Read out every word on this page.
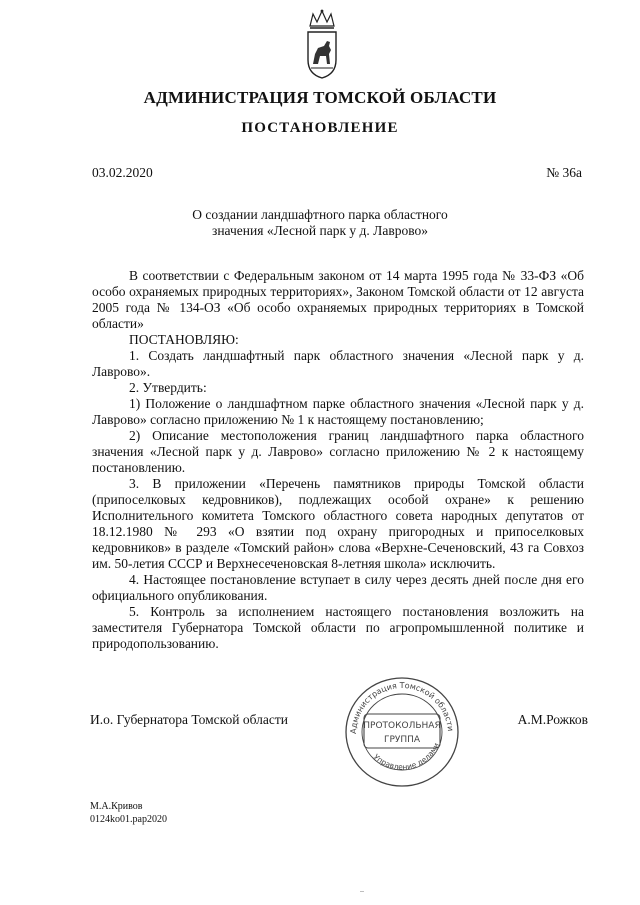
АДМИНИСТРАЦИЯ ТОМСКОЙ ОБЛАСТИ
ПОСТАНОВЛЕНИЕ
03.02.2020	№ 36а
О создании ландшафтного парка областного
значения «Лесной парк у д. Лаврово»

В соответствии с Федеральным законом от 14 марта 1995 года № 33-ФЗ «Об особо охраняемых природных территориях», Законом Томской области от 12 августа 2005 года № 134-ОЗ «Об особо охраняемых природных территориях в Томской области»

ПОСТАНОВЛЯЮ:

1. Создать ландшафтный парк областного значения «Лесной парк у д. Лаврово».

2. Утвердить:

1) Положение о ландшафтном парке областного значения «Лесной парк у д. Лаврово» согласно приложению № 1 к настоящему постановлению;

2) Описание местоположения границ ландшафтного парка областного значения «Лесной парк у д. Лаврово» согласно приложению № 2 к настоящему постановлению.

3. В приложении «Перечень памятников природы Томской области (припоселковых кедровников), подлежащих особой охране» к решению Исполнительного комитета Томского областного совета народных депутатов от 18.12.1980 № 293 «О взятии под охрану пригородных и припоселковых кедровников» в разделе «Томский район» слова «Верхне-Сеченовский, 43 га Совхоз им. 50-летия СССР и Верхнесеченовская 8-летняя школа» исключить.

4. Настоящее постановление вступает в силу через десять дней после дня его официального опубликования.

5. Контроль за исполнением настоящего постановления возложить на заместителя Губернатора Томской области по агропромышленной политике и природопользованию.

И.о. Губернатора Томской области	А.М.Рожков
Администрация Томской области
Управление делами
ПРОТОКОЛЬНАЯ
ГРУППА
М.А.Кривов
0124ko01.pap2020
..
